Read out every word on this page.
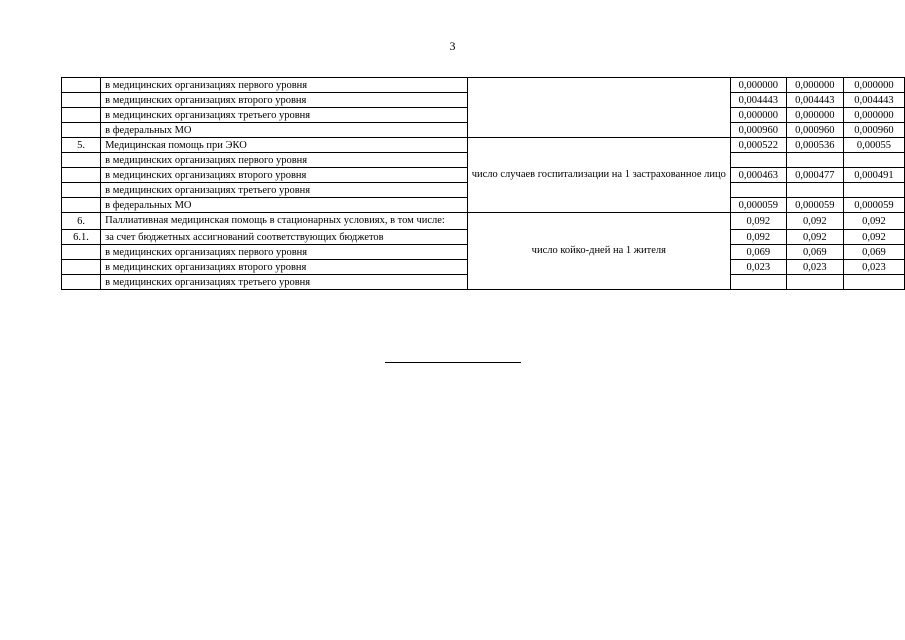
3
	в медицинских организациях первого уровня		0,000000	0,000000	0,000000
	в медицинских организациях второго уровня		0,004443	0,004443	0,004443
	в медицинских организациях третьего уровня		0,000000	0,000000	0,000000
	в федеральных МО		0,000960	0,000960	0,000960
5.	Медицинская помощь при ЭКО	число случаев госпитализации на 1 застрахованное лицо	0,000522	0,000536	0,00055
	в медицинских организациях первого уровня				
	в медицинских организациях второго уровня		0,000463	0,000477	0,000491
	в медицинских организациях третьего уровня				
	в федеральных МО		0,000059	0,000059	0,000059
6.	Паллиативная медицинская помощь в стационарных условиях, в том числе:	число койко-дней на 1 жителя	0,092	0,092	0,092
6.1.	за счет бюджетных ассигнований соответствующих бюджетов		0,092	0,092	0,092
	в медицинских организациях первого уровня		0,069	0,069	0,069
	в медицинских организациях второго уровня		0,023	0,023	0,023
	в медицинских организациях третьего уровня				
